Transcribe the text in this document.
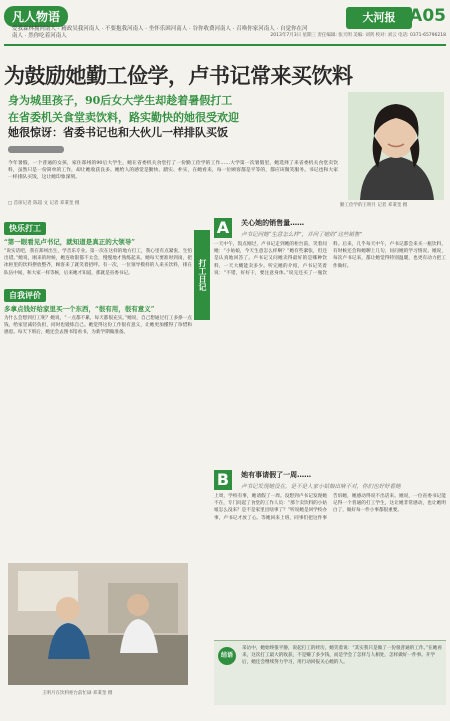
凡人物语
爱我森林拥河南人 · 精政吴我河南人 · 不要抱我河南人 · 坐怀乐困河南人 · 谷你收费河南人 · 召唤你家河南人 · 自觉你在河南人 · 然你吃着河南人
大河报 A05
2013年7月3日 星期三 责任编辑: 张天明 美编: 刘剑 校对: 刘云 电话: 0371-65796218
为鼓励她勤工俭学，卢书记常来买饮料
身为城里孩子，90后女大学生却趁着暑假打工
在省委机关食堂卖饮料，路实勤快的她很受欢迎
她很惊讶：省委书记也和大伙儿一样排队买饭
今年暑假，一个普通的女孩，家住郑州的90后大学生，她在省委机关食堂打了一份勤工俭学的工作……大学第一次暑假里，她选择了来省委机关食堂卖饮料，虽然只是一份简单的工作，却让她收获良多。她给人的感觉是勤快、踏实、朴实，在她看来，每一位顾客都是平等的，都应该微笑服务。书记也和大家一样排队买饭，这让她印象深刻。
□ 首席记者 陈超 文 记者 邓秉奎 摄	勤工俭学的王明月 记者 邓秉奎 摄
快乐打工
“第一眼看见卢书记，就知道是真正的大领导”
“说实话吧，我在郑州出生，学音乐专业。第一次在这样的地方打工，我心里有点紧张，生怕出错。”她说，刚来的时候，她连收银都不太会，慢慢地才熟练起来。她每天要准时到岗，把冰柜里的饮料摆放整齐，顾客来了就笑着招呼。有一次，一位领导模样的人来买饮料，排在队伍中间，和大家一样等候，后来她才知道，那就是省委书记。
自我评价
多拿点钱好给家里买一个东西，“很有用，很有意义”
为什么会想到打工呢？她说，“一点都不累，每天都很充实。”她说，自己想通过打工多挣一点钱，给家里减轻负担，同时也锻炼自己。她觉得这份工作很有意义，让她更加懂得了珍惜和感恩。每天下班后，她还会去图书馆看书，为新学期做准备。
王明月在饮料柜台前忙碌 邓秉奎 摄
打工日记
A 关心她的销售量……
卢书记问她“生意怎么样”，并问了她的“这些销售”
一天中午，饭点刚过，卢书记走到她的柜台前，笑着问她：“小姑娘，今天生意怎么样啊？”她有些紧张，但还是认真地回答了。卢书记又问她卖得最好的是哪种饮料，一天大概能卖多少。听完她的介绍，卢书记笑着说：“不错，好好干，要注意身体。”说完还买了一瓶饮料。后来，几乎每天中午，卢书记都会来买一瓶饮料，有时候还会和她聊上几句，问问她的学习情况。她说，每次卢书记来，都让她觉得特别温暖，也更有动力把工作做好。
B 她有事请假了一周……
卢书记发现她没在，是不是人家小姑娘出啥不对，你们也好好看她
上周，学校有事，她请假了一周。没想到卢书记发现她不在，专门问起了食堂的工作人员：“那个卖饮料的小姑娘怎么没来？是不是家里出啥事了？”听说她是回学校办事，卢书记才放了心。等她回来上班，同事们把这件事告诉她，她感动得说不出话来。她说，一位省委书记能记得一个普通的打工学生，这让她非常感动，也让她明白了，做好每一件小事都很重要。
结语
采访中，她始终很平静，说起打工的经历，她笑着说：“其实我只是做了一份很普通的工作。”在她看来，这次打工最大的收获，不是赚了多少钱，而是学会了怎样与人相处，怎样做好一件事。开学后，她还会继续努力学习，用行动回报关心她的人。
